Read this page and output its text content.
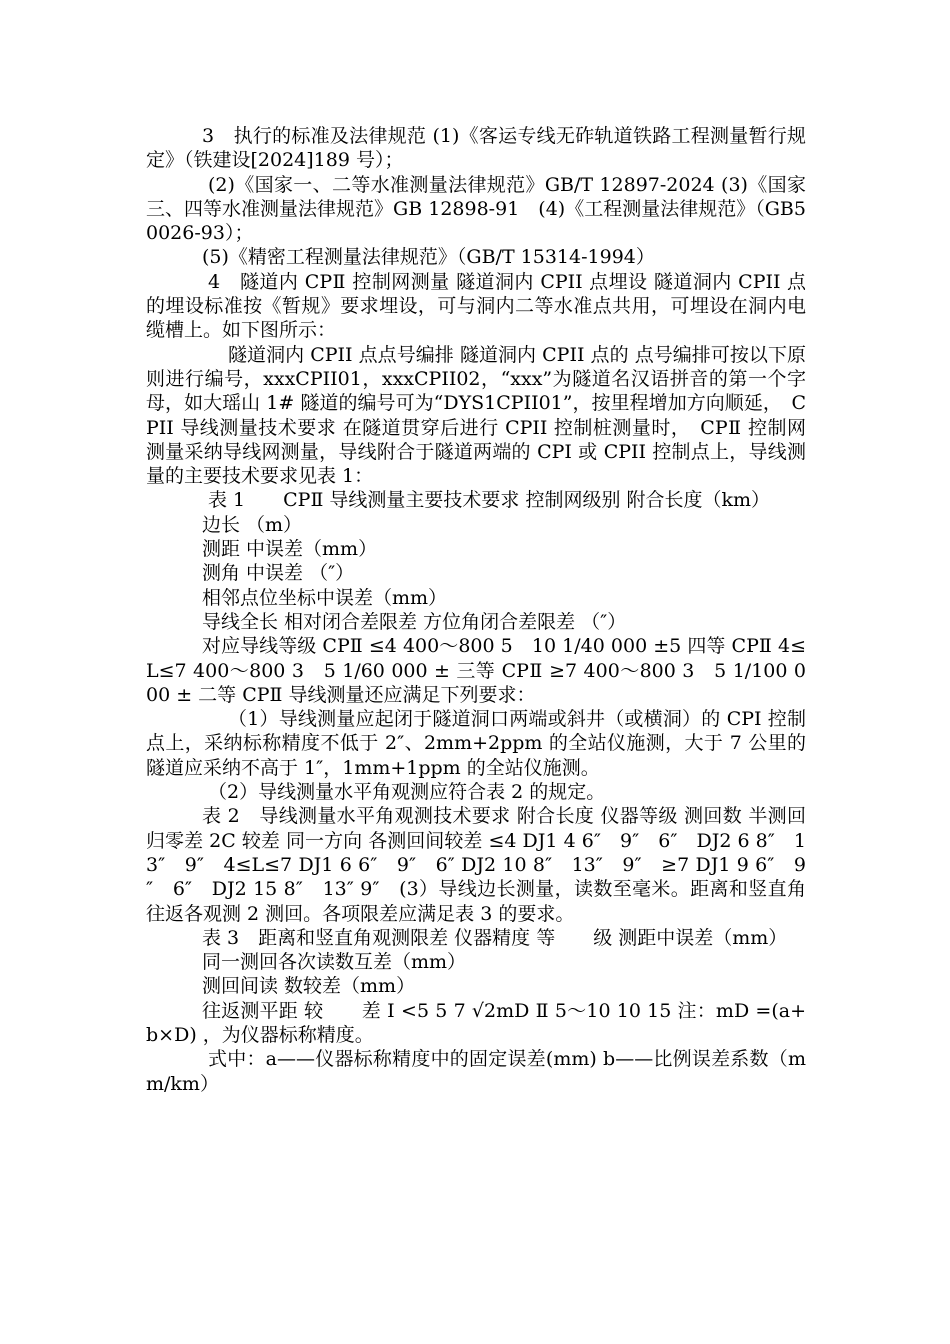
3　执行的标准及法律规范 (1)《客运专线无砟轨道铁路工程测量暂行规定》（铁建设[2024]189 号）；

(2)《国家一、二等水准测量法律规范》GB/T 12897-2024 (3)《国家三、四等水准测量法律规范》GB 12898-91　(4)《工程测量法律规范》（GB50026-93）；

(5)《精密工程测量法律规范》（GB/T 15314-1994）

4　隧道内 CPⅡ 控制网测量 隧道洞内 CPII 点埋设 隧道洞内 CPII 点的埋设标准按《暂规》要求埋设，可与洞内二等水准点共用，可埋设在洞内电缆槽上。如下图所示：

隧道洞内 CPII 点点号编排 隧道洞内 CPII 点的 点号编排可按以下原则进行编号，xxxCPII01，xxxCPII02，“xxx”为隧道名汉语拼音的第一个字母，如大瑶山 1# 隧道的编号可为“DYS1CPII01”，按里程增加方向顺延，　CPII 导线测量技术要求 在隧道贯穿后进行 CPII 控制桩测量时，　CPⅡ 控制网测量采纳导线网测量，导线附合于隧道两端的 CPI 或 CPII 控制点上，导线测量的主要技术要求见表 1：

表 1　　CPⅡ 导线测量主要技术要求 控制网级别 附合长度（km）

边长 （m）

测距 中误差（mm）

测角 中误差 （″）

相邻点位坐标中误差（mm）

导线全长 相对闭合差限差 方位角闭合差限差 （″）

对应导线等级 CPⅡ ≤4 400～800 5　10 1/40 000 ±5 四等 CPⅡ 4≤L≤7 400～800 3　5 1/60 000 ± 三等 CPⅡ ≥7 400～800 3　5 1/100 000 ± 二等 CPⅡ 导线测量还应满足下列要求：

（1）导线测量应起闭于隧道洞口两端或斜井（或横洞）的 CPI 控制点上，采纳标称精度不低于 2″、2mm+2ppm 的全站仪施测，大于 7 公里的隧道应采纳不高于 1″，1mm+1ppm 的全站仪施测。

（2）导线测量水平角观测应符合表 2 的规定。

表 2　导线测量水平角观测技术要求 附合长度 仪器等级 测回数 半测回归零差 2C 较差 同一方向 各测回间较差 ≤4 DJ1 4 6″　9″　6″　DJ2 6 8″　13″　9″　4≤L≤7 DJ1 6 6″　9″　6″ DJ2 10 8″　13″　9″　≥7 DJ1 9 6″　9″　6″　DJ2 15 8″　13″ 9″　(3）导线边长测量，读数至毫米。距离和竖直角往返各观测 2 测回。各项限差应满足表 3 的要求。

表 3　距离和竖直角观测限差 仪器精度 等　　级 测距中误差（mm）

同一测回各次读数互差（mm）

测回间读 数较差（mm）

往返测平距 较　　差 Ⅰ <5 5 7 √2mD Ⅱ 5～10 10 15 注：mD =(a+b×D) ，为仪器标称精度。

式中：a——仪器标称精度中的固定误差(mm) b——比例误差系数（mm/km）
